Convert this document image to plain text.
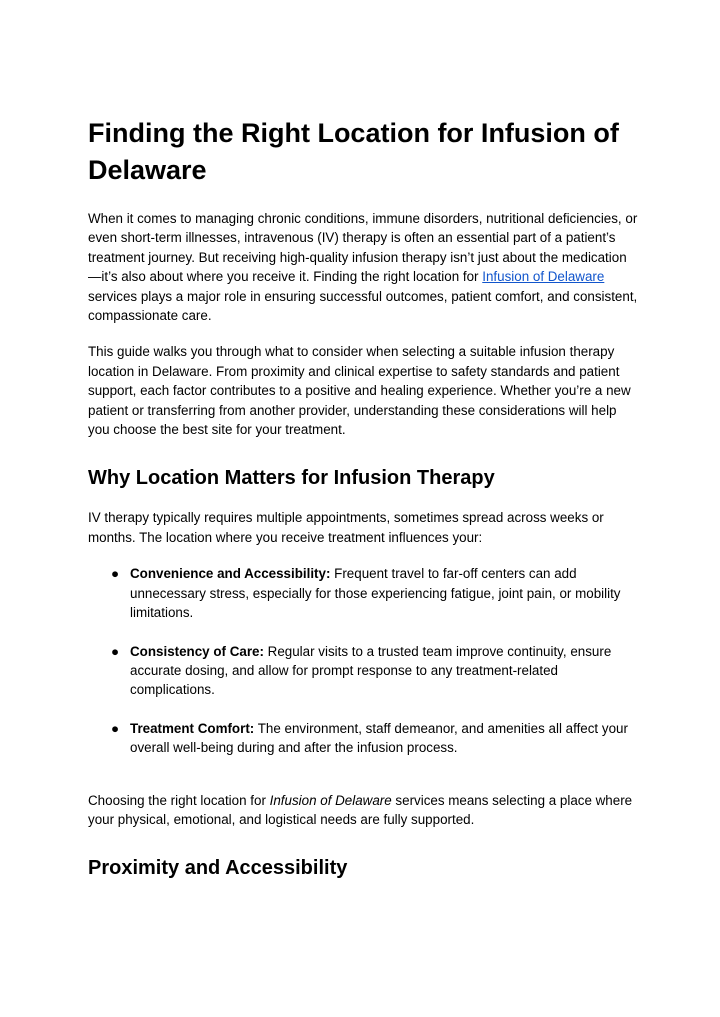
Finding the Right Location for Infusion of Delaware

When it comes to managing chronic conditions, immune disorders, nutritional deficiencies, or even short-term illnesses, intravenous (IV) therapy is often an essential part of a patient’s treatment journey. But receiving high-quality infusion therapy isn’t just about the medication—it’s also about where you receive it. Finding the right location for Infusion of Delaware services plays a major role in ensuring successful outcomes, patient comfort, and consistent, compassionate care.

This guide walks you through what to consider when selecting a suitable infusion therapy location in Delaware. From proximity and clinical expertise to safety standards and patient support, each factor contributes to a positive and healing experience. Whether you’re a new patient or transferring from another provider, understanding these considerations will help you choose the best site for your treatment.

Why Location Matters for Infusion Therapy

IV therapy typically requires multiple appointments, sometimes spread across weeks or months. The location where you receive treatment influences your:

● Convenience and Accessibility: Frequent travel to far-off centers can add unnecessary stress, especially for those experiencing fatigue, joint pain, or mobility limitations.
● Consistency of Care: Regular visits to a trusted team improve continuity, ensure accurate dosing, and allow for prompt response to any treatment-related complications.
● Treatment Comfort: The environment, staff demeanor, and amenities all affect your overall well-being during and after the infusion process.

Choosing the right location for Infusion of Delaware services means selecting a place where your physical, emotional, and logistical needs are fully supported.

Proximity and Accessibility
